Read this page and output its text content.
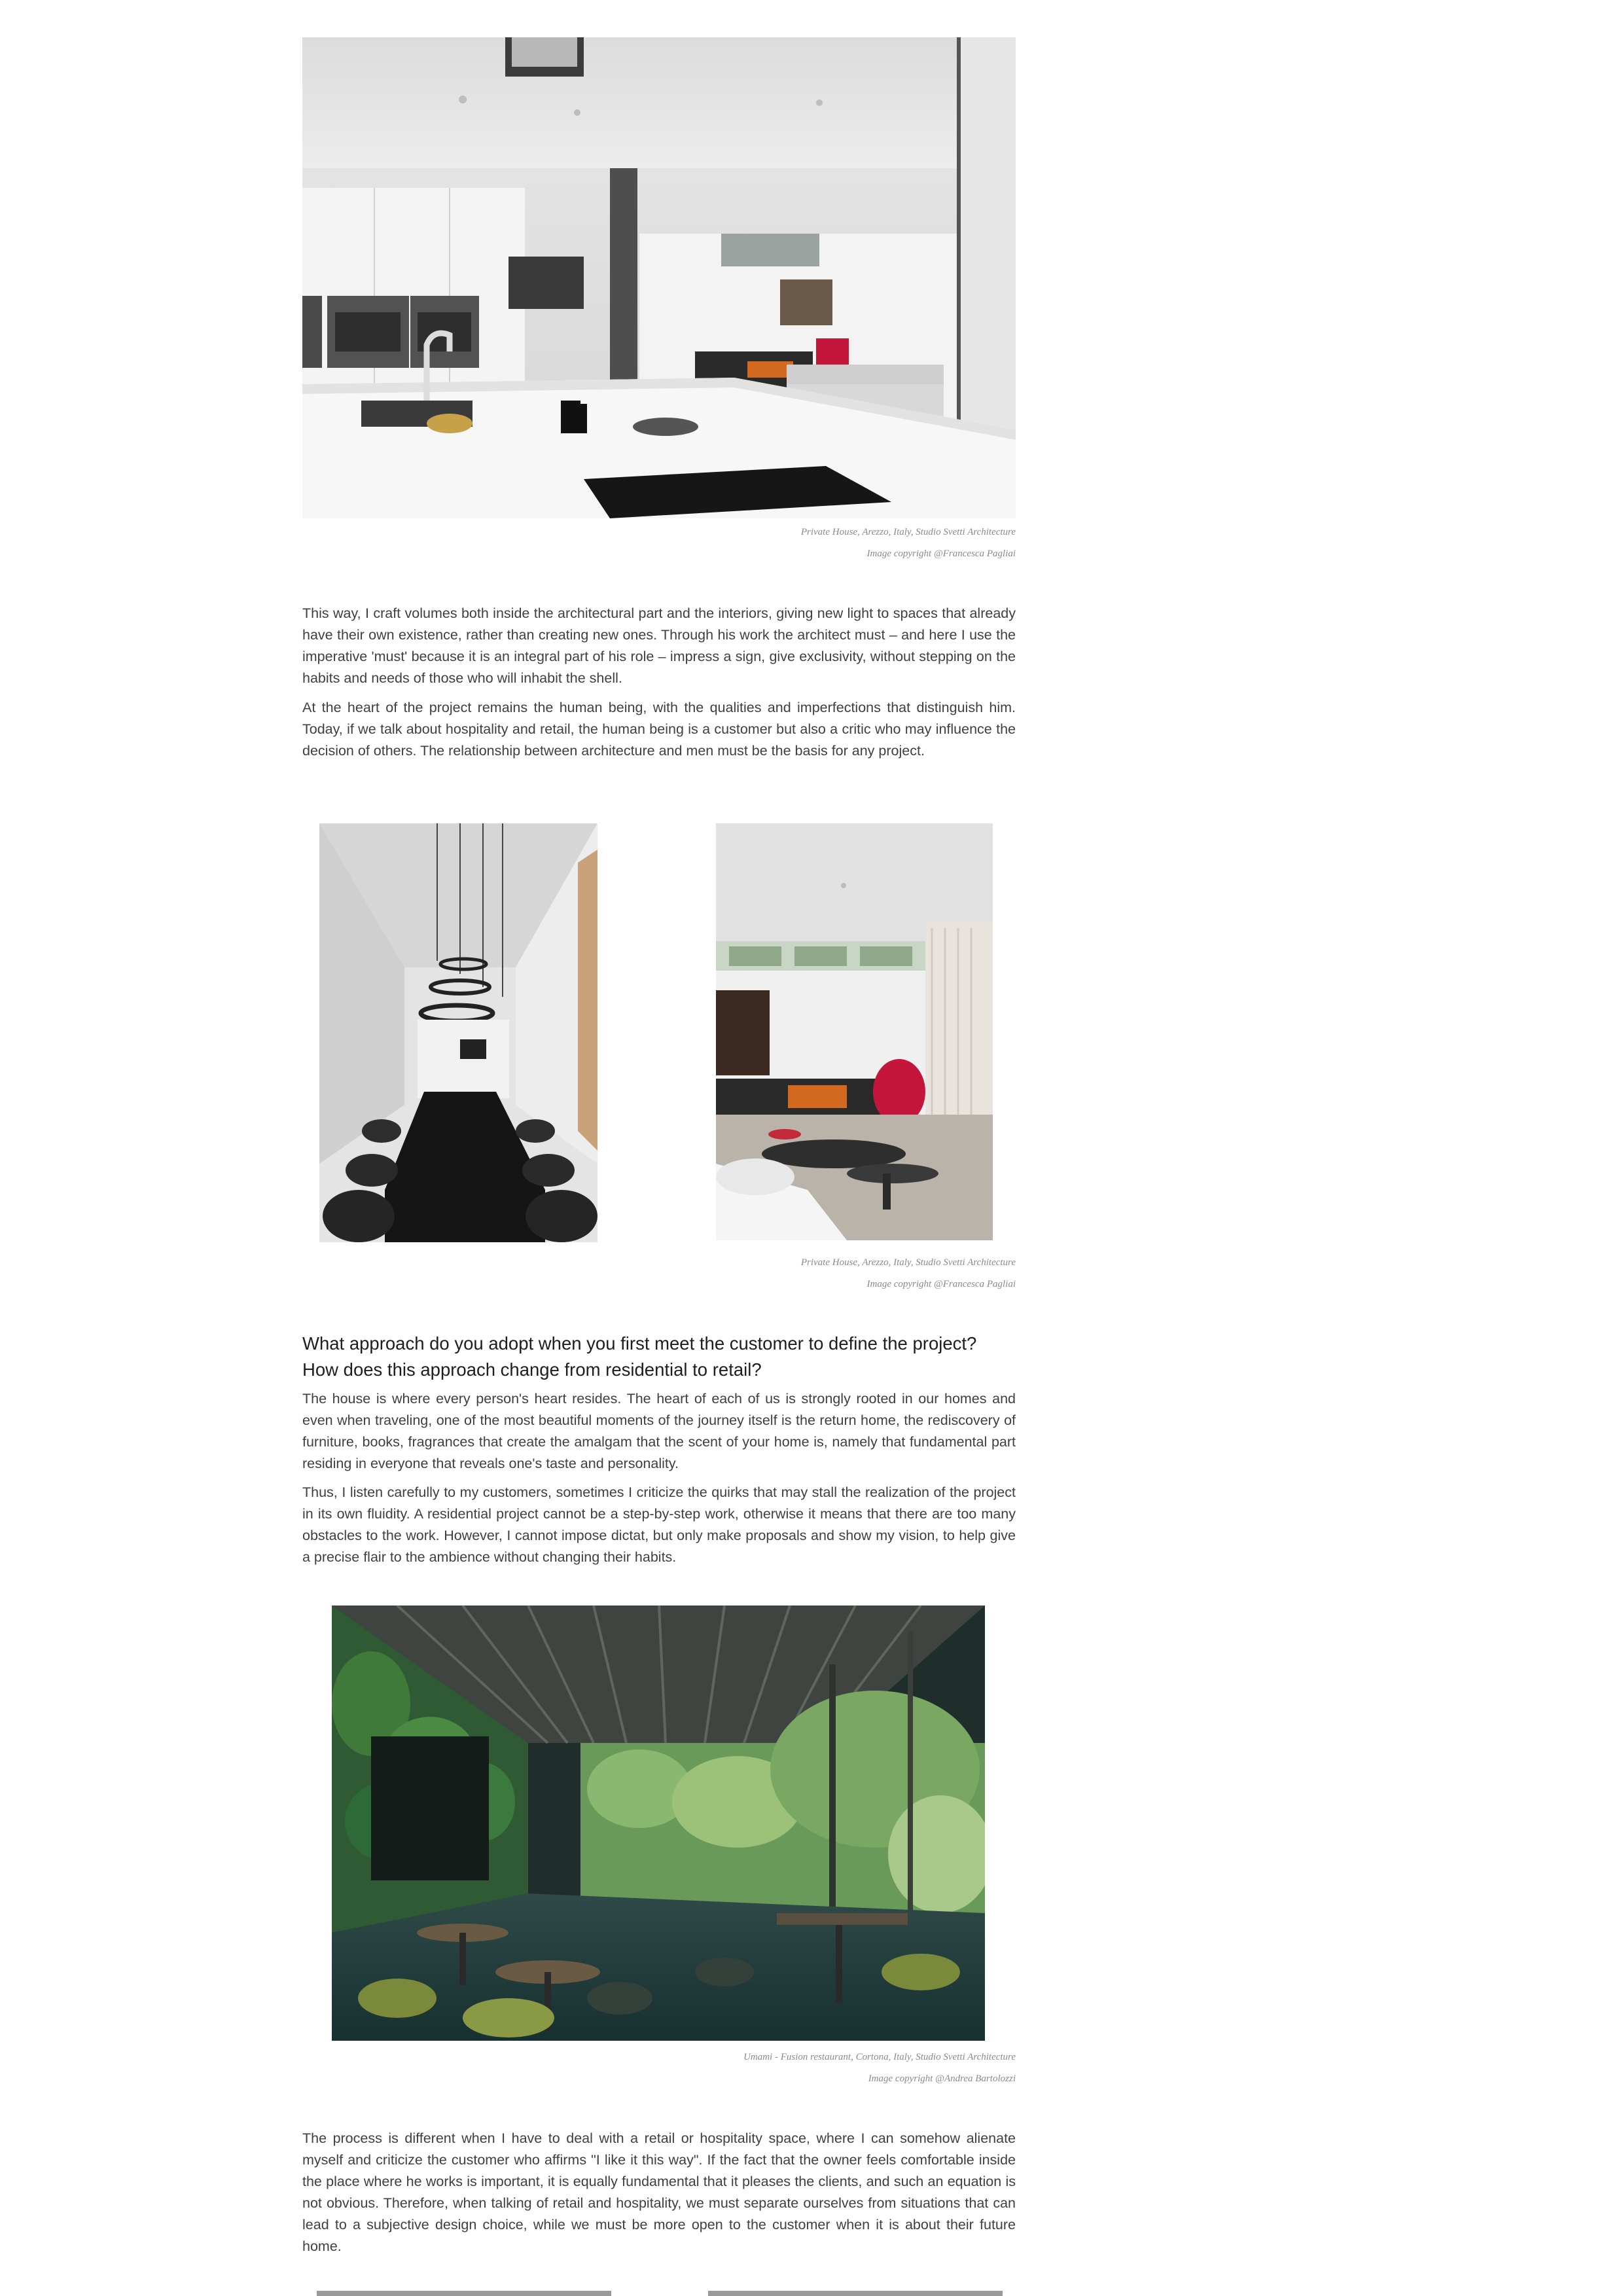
Private House, Arezzo, Italy, Studio Svetti Architecture
Image copyright @Francesca Pagliai

This way, I craft volumes both inside the architectural part and the interiors, giving new light to spaces that already have their own existence, rather than creating new ones. Through his work the architect must – and here I use the imperative 'must' because it is an integral part of his role – impress a sign, give exclusivity, without stepping on the habits and needs of those who will inhabit the shell.

At the heart of the project remains the human being, with the qualities and imperfections that distinguish him. Today, if we talk about hospitality and retail, the human being is a customer but also a critic who may influence the decision of others. The relationship between architecture and men must be the basis for any project.

Private House, Arezzo, Italy, Studio Svetti Architecture
Image copyright @Francesca Pagliai
What approach do you adopt when you first meet the customer to define the project? How does this approach change from residential to retail?

The house is where every person's heart resides. The heart of each of us is strongly rooted in our homes and even when traveling, one of the most beautiful moments of the journey itself is the return home, the rediscovery of furniture, books, fragrances that create the amalgam that the scent of your home is, namely that fundamental part residing in everyone that reveals one's taste and personality.

Thus, I listen carefully to my customers, sometimes I criticize the quirks that may stall the realization of the project in its own fluidity. A residential project cannot be a step-by-step work, otherwise it means that there are too many obstacles to the work. However, I cannot impose dictat, but only make proposals and show my vision, to help give a precise flair to the ambience without changing their habits.

Umami - Fusion restaurant, Cortona, Italy, Studio Svetti Architecture
Image copyright @Andrea Bartolozzi

The process is different when I have to deal with a retail or hospitality space, where I can somehow alienate myself and criticize the customer who affirms "I like it this way". If the fact that the owner feels comfortable inside the place where he works is important, it is equally fundamental that it pleases the clients, and such an equation is not obvious. Therefore, when talking of retail and hospitality, we must separate ourselves from situations that can lead to a subjective design choice, while we must be more open to the customer when it is about their future home.
